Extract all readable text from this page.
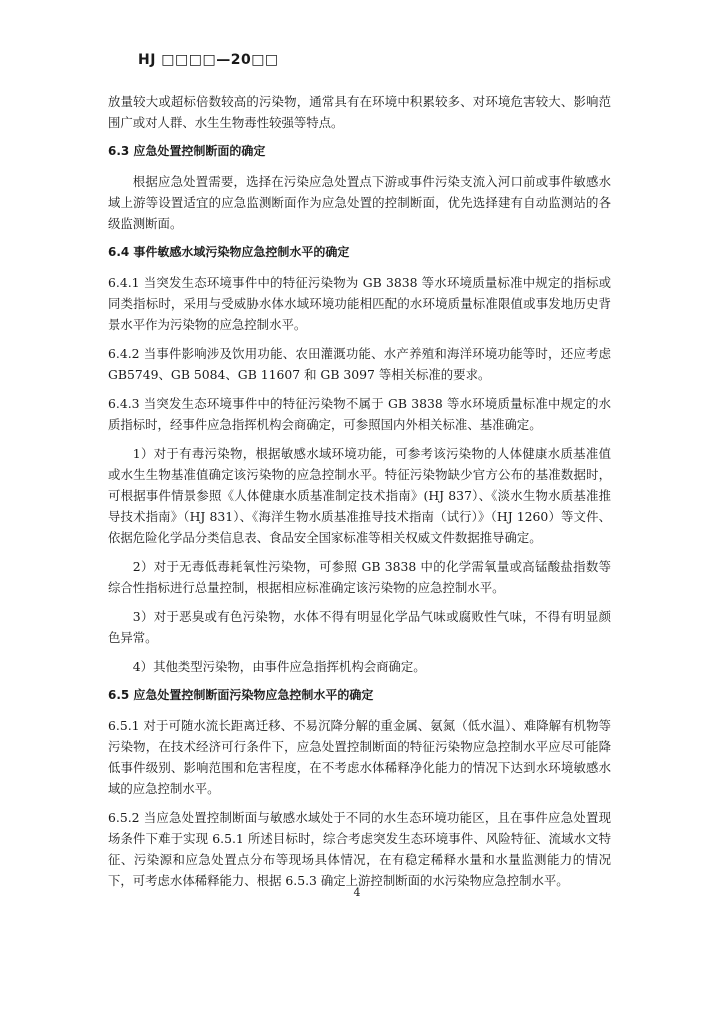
HJ □□□□—20□□
放量较大或超标倍数较高的污染物，通常具有在环境中积累较多、对环境危害较大、影响范围广或对人群、水生生物毒性较强等特点。
6.3 应急处置控制断面的确定
根据应急处置需要，选择在污染应急处置点下游或事件污染支流入河口前或事件敏感水域上游等设置适宜的应急监测断面作为应急处置的控制断面，优先选择建有自动监测站的各级监测断面。
6.4 事件敏感水域污染物应急控制水平的确定
6.4.1 当突发生态环境事件中的特征污染物为 GB 3838 等水环境质量标准中规定的指标或同类指标时，采用与受威胁水体水域环境功能相匹配的水环境质量标准限值或事发地历史背景水平作为污染物的应急控制水平。
6.4.2 当事件影响涉及饮用功能、农田灌溉功能、水产养殖和海洋环境功能等时，还应考虑GB5749、GB 5084、GB 11607 和 GB 3097 等相关标准的要求。
6.4.3 当突发生态环境事件中的特征污染物不属于 GB 3838 等水环境质量标准中规定的水质指标时，经事件应急指挥机构会商确定，可参照国内外相关标准、基准确定。
1）对于有毒污染物，根据敏感水域环境功能，可参考该污染物的人体健康水质基准值或水生生物基准值确定该污染物的应急控制水平。特征污染物缺少官方公布的基准数据时，可根据事件情景参照《人体健康水质基准制定技术指南》(HJ 837）、《淡水生物水质基准推导技术指南》（HJ 831）、《海洋生物水质基准推导技术指南（试行）》（HJ 1260）等文件、依据危险化学品分类信息表、食品安全国家标准等相关权威文件数据推导确定。
2）对于无毒低毒耗氧性污染物，可参照 GB 3838 中的化学需氧量或高锰酸盐指数等综合性指标进行总量控制，根据相应标准确定该污染物的应急控制水平。
3）对于恶臭或有色污染物，水体不得有明显化学品气味或腐败性气味，不得有明显颜色异常。
4）其他类型污染物，由事件应急指挥机构会商确定。
6.5 应急处置控制断面污染物应急控制水平的确定
6.5.1 对于可随水流长距离迁移、不易沉降分解的重金属、氨氮（低水温）、难降解有机物等污染物，在技术经济可行条件下，应急处置控制断面的特征污染物应急控制水平应尽可能降低事件级别、影响范围和危害程度，在不考虑水体稀释净化能力的情况下达到水环境敏感水域的应急控制水平。
6.5.2 当应急处置控制断面与敏感水域处于不同的水生态环境功能区，且在事件应急处置现场条件下难于实现 6.5.1 所述目标时，综合考虑突发生态环境事件、风险特征、流域水文特征、污染源和应急处置点分布等现场具体情况，在有稳定稀释水量和水量监测能力的情况下，可考虑水体稀释能力、根据 6.5.3 确定上游控制断面的水污染物应急控制水平。
4
